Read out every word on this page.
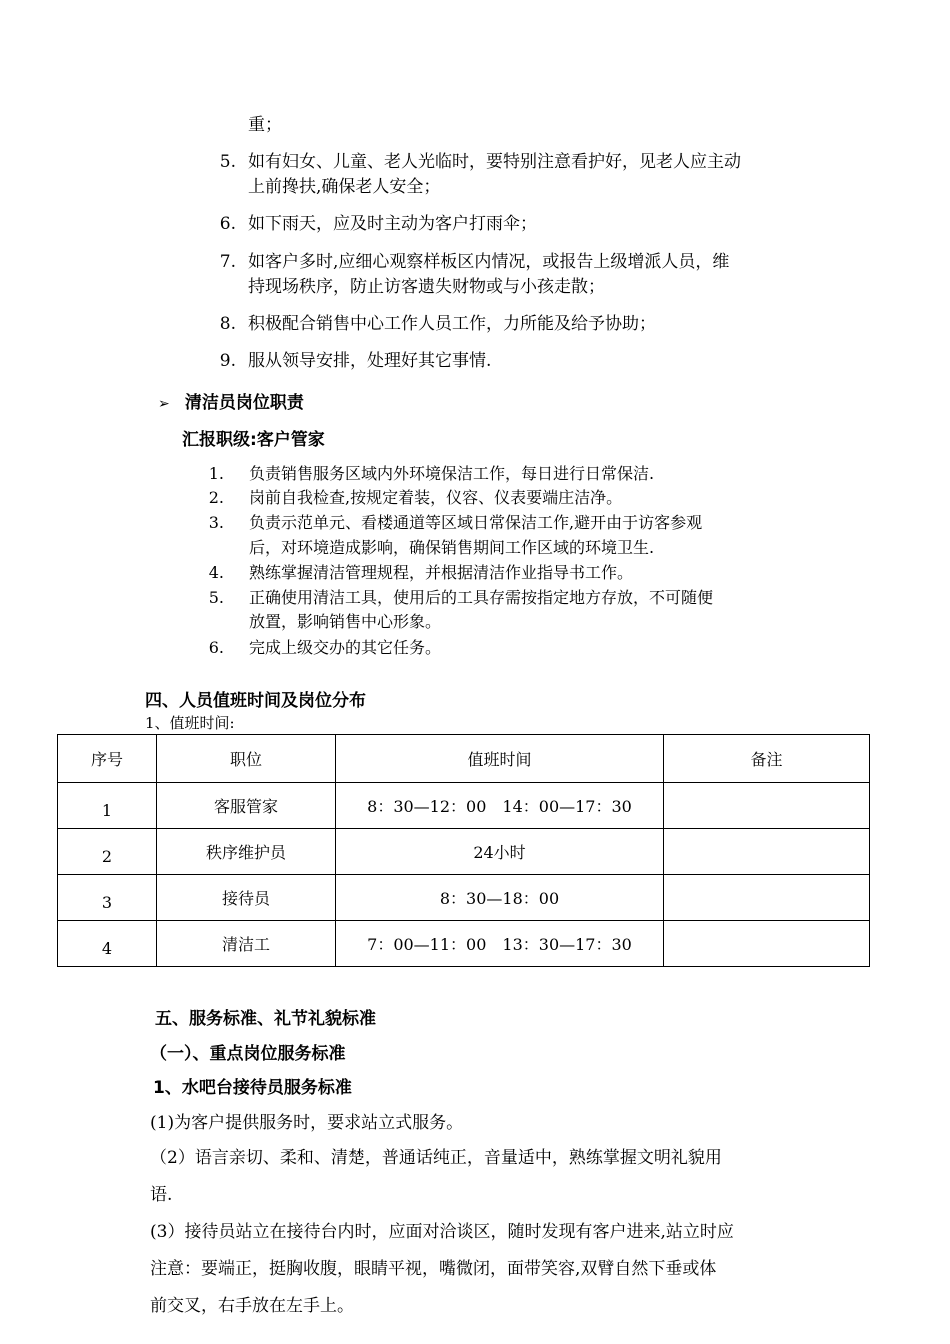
重；
5. 如有妇女、儿童、老人光临时，要特别注意看护好，见老人应主动
上前搀扶,确保老人安全；
6. 如下雨天，应及时主动为客户打雨伞；
7. 如客户多时,应细心观察样板区内情况，或报告上级增派人员，维
持现场秩序，防止访客遗失财物或与小孩走散；
8. 积极配合销售中心工作人员工作，力所能及给予协助；
9. 服从领导安排，处理好其它事情.
➢ 清洁员岗位职责
汇报职级:客户管家
1. 负责销售服务区域内外环境保洁工作，每日进行日常保洁.
2. 岗前自我检查,按规定着装，仪容、仪表要端庄洁净。
3. 负责示范单元、看楼通道等区域日常保洁工作,避开由于访客参观
后，对环境造成影响，确保销售期间工作区域的环境卫生.
4. 熟练掌握清洁管理规程，并根据清洁作业指导书工作。
5. 正确使用清洁工具，使用后的工具存需按指定地方存放，不可随便
放置，影响销售中心形象。
6. 完成上级交办的其它任务。
四、人员值班时间及岗位分布
1、值班时间:
序号	职位	值班时间	备注
1	客服管家	8：30—12：00　14：00—17：30	
2	秩序维护员	24小时	
3	接待员	8：30—18：00	
4	清洁工	7：00—11：00　13：30—17：30	
五、服务标准、礼节礼貌标准
（一）、重点岗位服务标准
1、水吧台接待员服务标准
(1)为客户提供服务时，要求站立式服务。
（2）语言亲切、柔和、清楚，普通话纯正，音量适中，熟练掌握文明礼貌用
语.
(3）接待员站立在接待台内时，应面对洽谈区，随时发现有客户进来,站立时应
注意：要端正，挺胸收腹，眼睛平视，嘴微闭，面带笑容,双臂自然下垂或体
前交叉，右手放在左手上。
